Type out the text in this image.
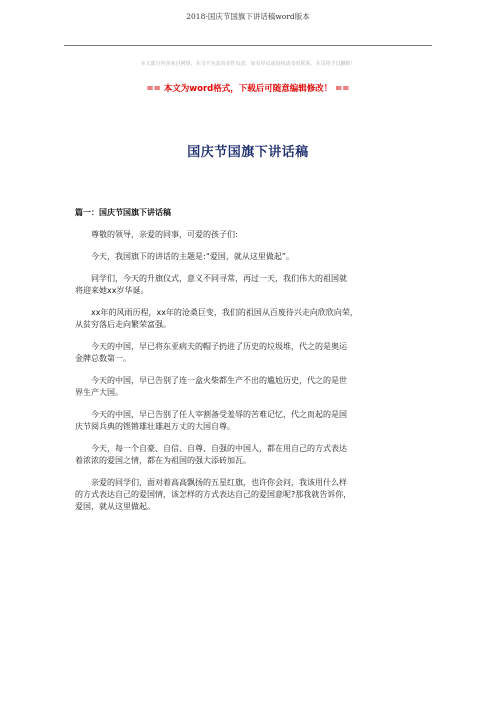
2018-国庆节国旗下讲话稿word版本
本文部分内容来自网络，本司不为其真实性负责，如有异议或侵权请及时联系，本司将予以删除！
== 本文为word格式，下载后可随意编辑修改！ ==
国庆节国旗下讲话稿
篇一：国庆节国旗下讲话稿
尊敬的领导，亲爱的同事，可爱的孩子们:
今天，我国旗下的讲话的主题是:“爱国，就从这里做起”。
同学们，今天的升旗仪式，意义不同寻常，再过一天，我们伟大的祖国就
将迎来她xx岁华诞。
xx年的风雨历程，xx年的沧桑巨变，我们的祖国从百废待兴走向欣欣向荣，
从贫穷落后走向繁荣富强。
今天的中国，早已将东亚病夫的帽子扔进了历史的垃圾堆，代之的是奥运
金牌总数第一。
今天的中国，早已告别了连一盒火柴都生产不出的尴尬历史，代之的是世
界生产大国。
今天的中国，早已告别了任人宰割备受羞辱的苦难记忆，代之而起的是国
庆节阅兵典的铿锵雄壮雄赳万丈的大国自尊。
今天，每一个自豪、自信、自尊、自强的中国人，都在用自己的方式表达
着浓浓的爱国之情，都在为祖国的强大添砖加瓦。
亲爱的同学们，面对着高高飘扬的五星红旗，也许你会问，我该用什么样
的方式表达自己的爱国情，该怎样的方式表达自己的爱国意呢?那我就告诉你，
爱国，就从这里做起。
